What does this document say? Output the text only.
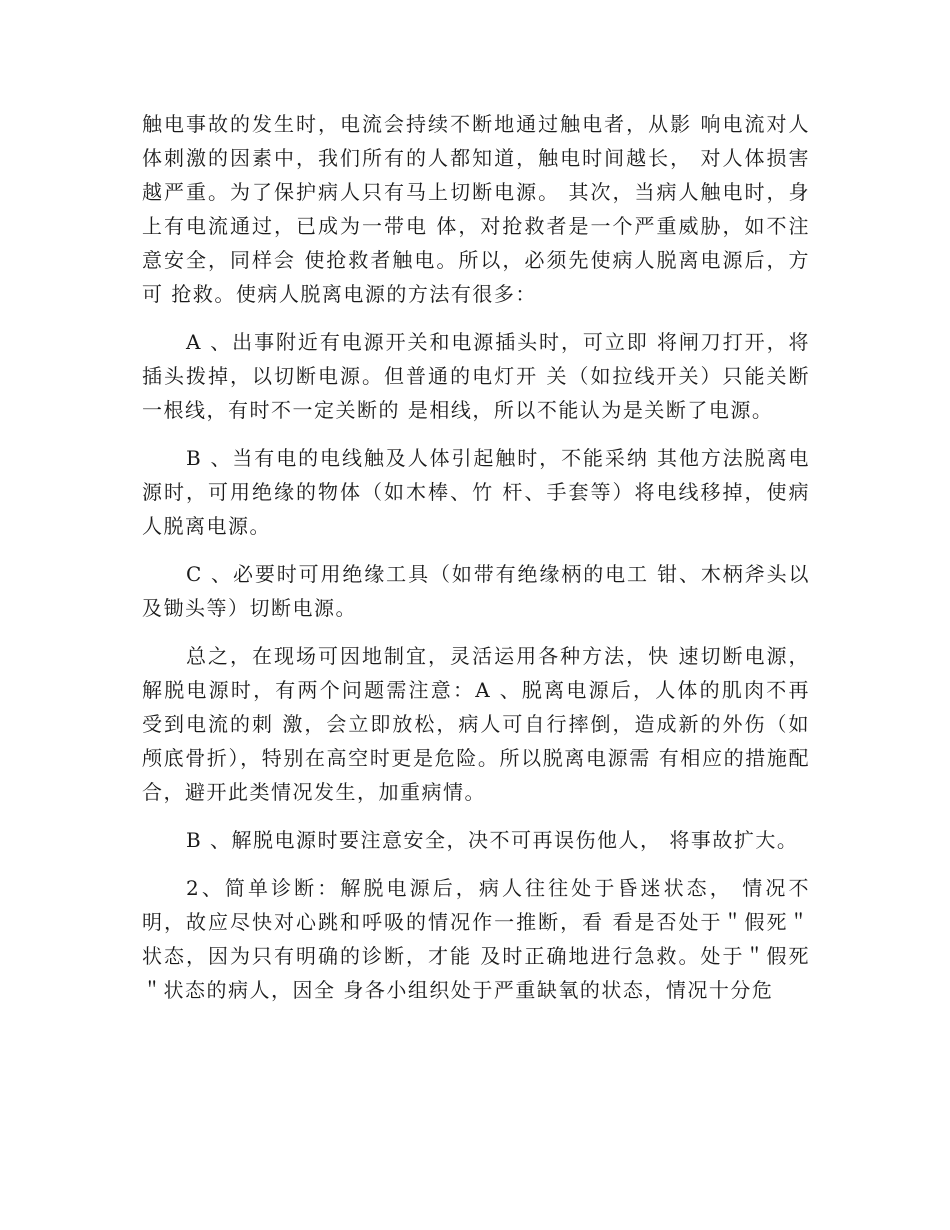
触电事故的发生时，电流会持续不断地通过触电者，从影 响电流对人体刺激的因素中，我们所有的人都知道，触电时间越长， 对人体损害越严重。为了保护病人只有马上切断电源。 其次，当病人触电时，身上有电流通过，已成为一带电 体，对抢救者是一个严重威胁，如不注意安全，同样会 使抢救者触电。所以，必须先使病人脱离电源后，方可 抢救。使病人脱离电源的方法有很多：

A 、出事附近有电源开关和电源插头时，可立即 将闸刀打开，将插头拨掉，以切断电源。但普通的电灯开 关（如拉线开关）只能关断一根线，有时不一定关断的 是相线，所以不能认为是关断了电源。

B 、当有电的电线触及人体引起触时，不能采纳 其他方法脱离电源时，可用绝缘的物体（如木棒、竹 杆、手套等）将电线移掉，使病人脱离电源。

C 、必要时可用绝缘工具（如带有绝缘柄的电工 钳、木柄斧头以及锄头等）切断电源。

总之，在现场可因地制宜，灵活运用各种方法，快 速切断电源，解脱电源时，有两个问题需注意：A 、脱离电源后，人体的肌肉不再受到电流的刺 激，会立即放松，病人可自行摔倒，造成新的外伤（如颅底骨折），特别在高空时更是危险。所以脱离电源需 有相应的措施配合，避开此类情况发生，加重病情。

B 、解脱电源时要注意安全，决不可再误伤他人， 将事故扩大。

2、简单诊断：解脱电源后，病人往往处于昏迷状态， 情况不明，故应尽快对心跳和呼吸的情况作一推断，看 看是否处于＂假死＂状态，因为只有明确的诊断，才能 及时正确地进行急救。处于＂假死＂状态的病人，因全 身各小组织处于严重缺氧的状态，情况十分危
